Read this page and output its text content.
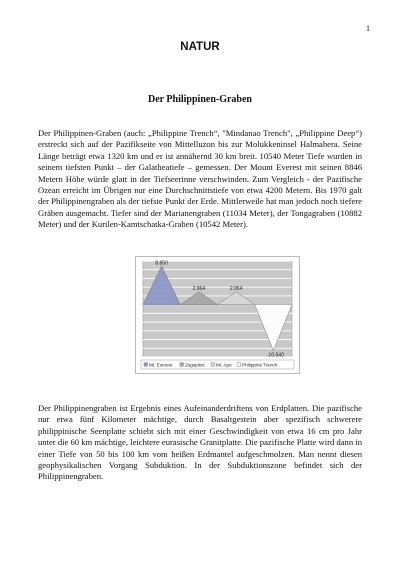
1
NATUR
Der Philippinen-Graben

Der Philippinen-Graben (auch: „Philippine Trench“, "Mindanao Trench", „Philippine Deep“) erstreckt sich auf der Pazifikseite von Mittelluzon bis zur Molukkeninsel Halmahera. Seine Länge beträgt etwa 1320 km und er ist annähernd 30 km breit. 10540 Meter Tiefe wurden in seinem tiefsten Punkt – der Galatheatiefe – gemessen. Der Mount Everest mit seinen 8846 Metern Höhe würde glatt in der Tiefseerinne verschwinden. Zum Vergleich - der Pazifische Ozean erreicht im Übrigen nur eine Durchschnittstiefe von etwa 4200 Metern. Bis 1970 galt der Philippinengraben als der tiefste Punkt der Erde. Mittlerweile hat man jedoch noch tiefere Gräben ausgemacht. Tiefer sind der Marianengraben (11034 Meter), der Tongagraben (10882 Meter) und der Kurilen-Kamtschatka-Graben (10542 Meter).

8.850
2.964	2.954
-10.540
Mt. Everest	Zugspitze Mt. Apo Philippine Trench

Der Philippinengraben ist Ergebnis eines Aufeinanderdriftens von Erdplatten. Die pazifische nur etwa fünf Kilometer mächtige, durch Basaltgestein aber spezifisch schwerere philippinische Seenplatte schiebt sich mit einer Geschwindigkeit von etwa 16 cm pro Jahr unter die 60 km mächtige, leichtere eurasische Granitplatte. Die pazifische Platte wird dann in einer Tiefe von 50 bis 100 km vom heißen Erdmantel aufgeschmolzen. Man nennt diesen geophysikalischen Vorgang Subduktion. In der Subduktionszone befindet sich der Philippinengraben.
